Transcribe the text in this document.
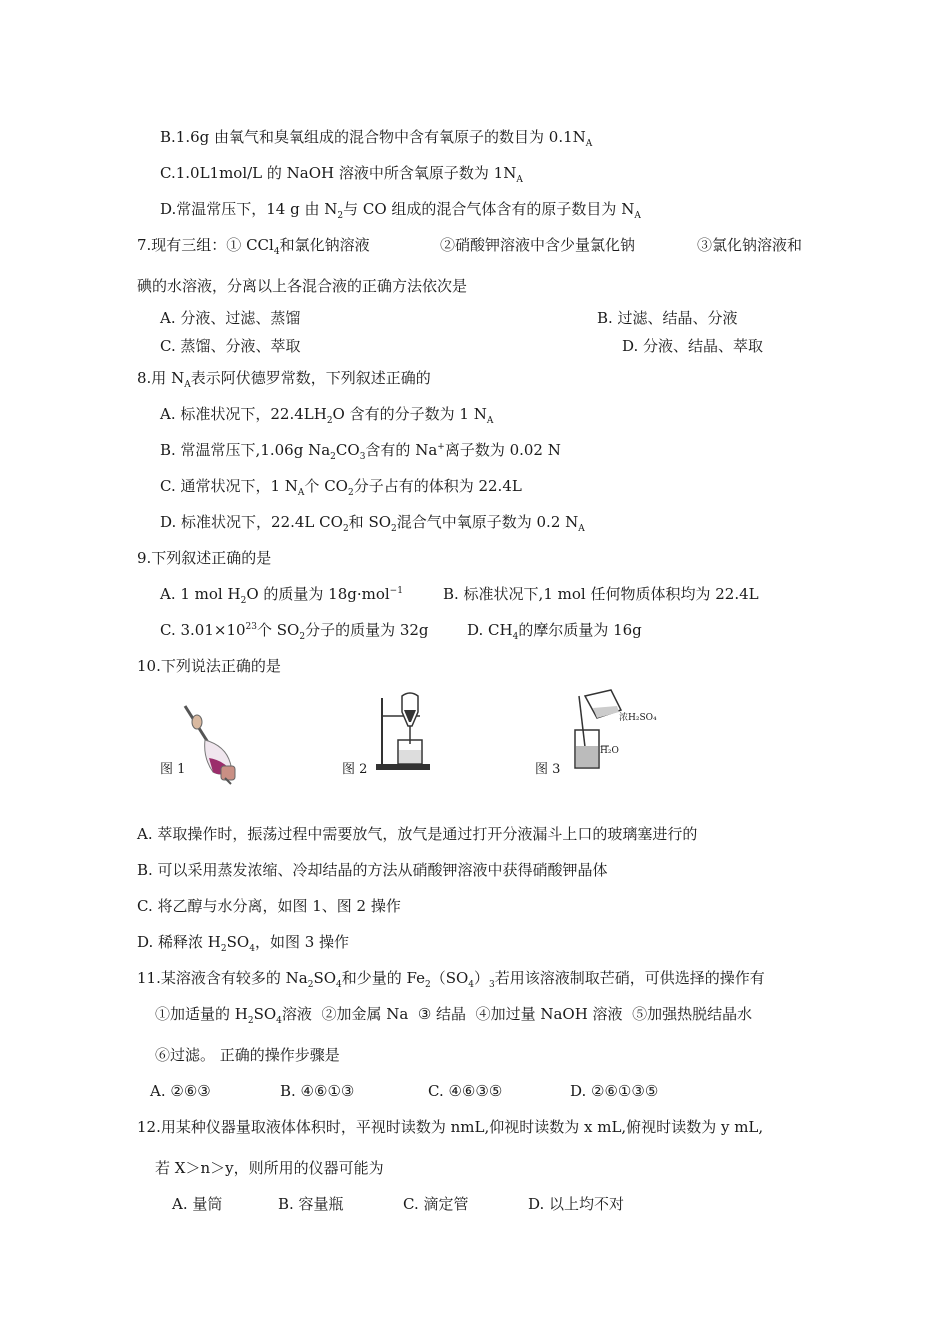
B.1.6g 由氧气和臭氧组成的混合物中含有氧原子的数目为 $0.1N_A$
C.1.0L1mol/L 的 NaOH 溶液中所含氧原子数为 $1N_A$
D.常温常压下，14 g 由 $N_2$与 CO 组成的混合气体含有的原子数目为 $N_A$
7.现有三组：① CCl$_4$和氯化钠溶液	②硝酸钾溶液中含少量氯化钠	③氯化钠溶液和
碘的水溶液，分离以上各混合液的正确方法依次是
A. 分液、过滤、蒸馏	B. 过滤、结晶、分液
C. 蒸馏、分液、萃取	D. 分液、结晶、萃取
8.用 $N_A$表示阿伏德罗常数，下列叙述正确的
A. 标准状况下，$22.4LH_2O$ 含有的分子数为 1 $N_A$
B. 常温常压下,1.06g $Na_2CO_3$含有的 Na+离子数为 0.02 N
C. 通常状况下，1 $N_A$个 $CO_2$分子占有的体积为 22.4L
D. 标准状况下，22.4L $CO_2$和 $SO_2$混合气中氧原子数为 0.2 $N_A$
9.下列叙述正确的是
A. 1 mol $H_2O$ 的质量为 18g·mol$^{-1}$	B. 标准状况下,1 mol 任何物质体积均为 22.4L
C. $3.01\times 10^{23}$个 $SO_2$分子的质量为 32g	D. $CH_4$的摩尔质量为 16g
10.下列说法正确的是
图 1	图 2
浓H₂SO₄
H₂O
图 3
A. 萃取操作时，振荡过程中需要放气，放气是通过打开分液漏斗上口的玻璃塞进行的
B. 可以采用蒸发浓缩、冷却结晶的方法从硝酸钾溶液中获得硝酸钾晶体
C. 将乙醇与水分离，如图 1、图 2 操作
D. 稀释浓 $H_2SO_4$，如图 3 操作
11.某溶液含有较多的 $Na_2SO_4$和少量的 $Fe_2(SO_4)_3$若用该溶液制取芒硝，可供选择的操作有
①加适量的 $H_2SO_4$溶液  ②加金属 Na  ③ 结晶  ④加过量 NaOH 溶液  ⑤加强热脱结晶水
⑥过滤。 正确的操作步骤是
A. ②⑥③	B. ④⑥①③	C. ④⑥③⑤	D. ②⑥①③⑤
12.用某种仪器量取液体体积时，平视时读数为 nmL,仰视时读数为 x mL,俯视时读数为 y mL,
若 X＞n＞y，则所用的仪器可能为
A. 量筒	B. 容量瓶	C. 滴定管	D. 以上均不对
